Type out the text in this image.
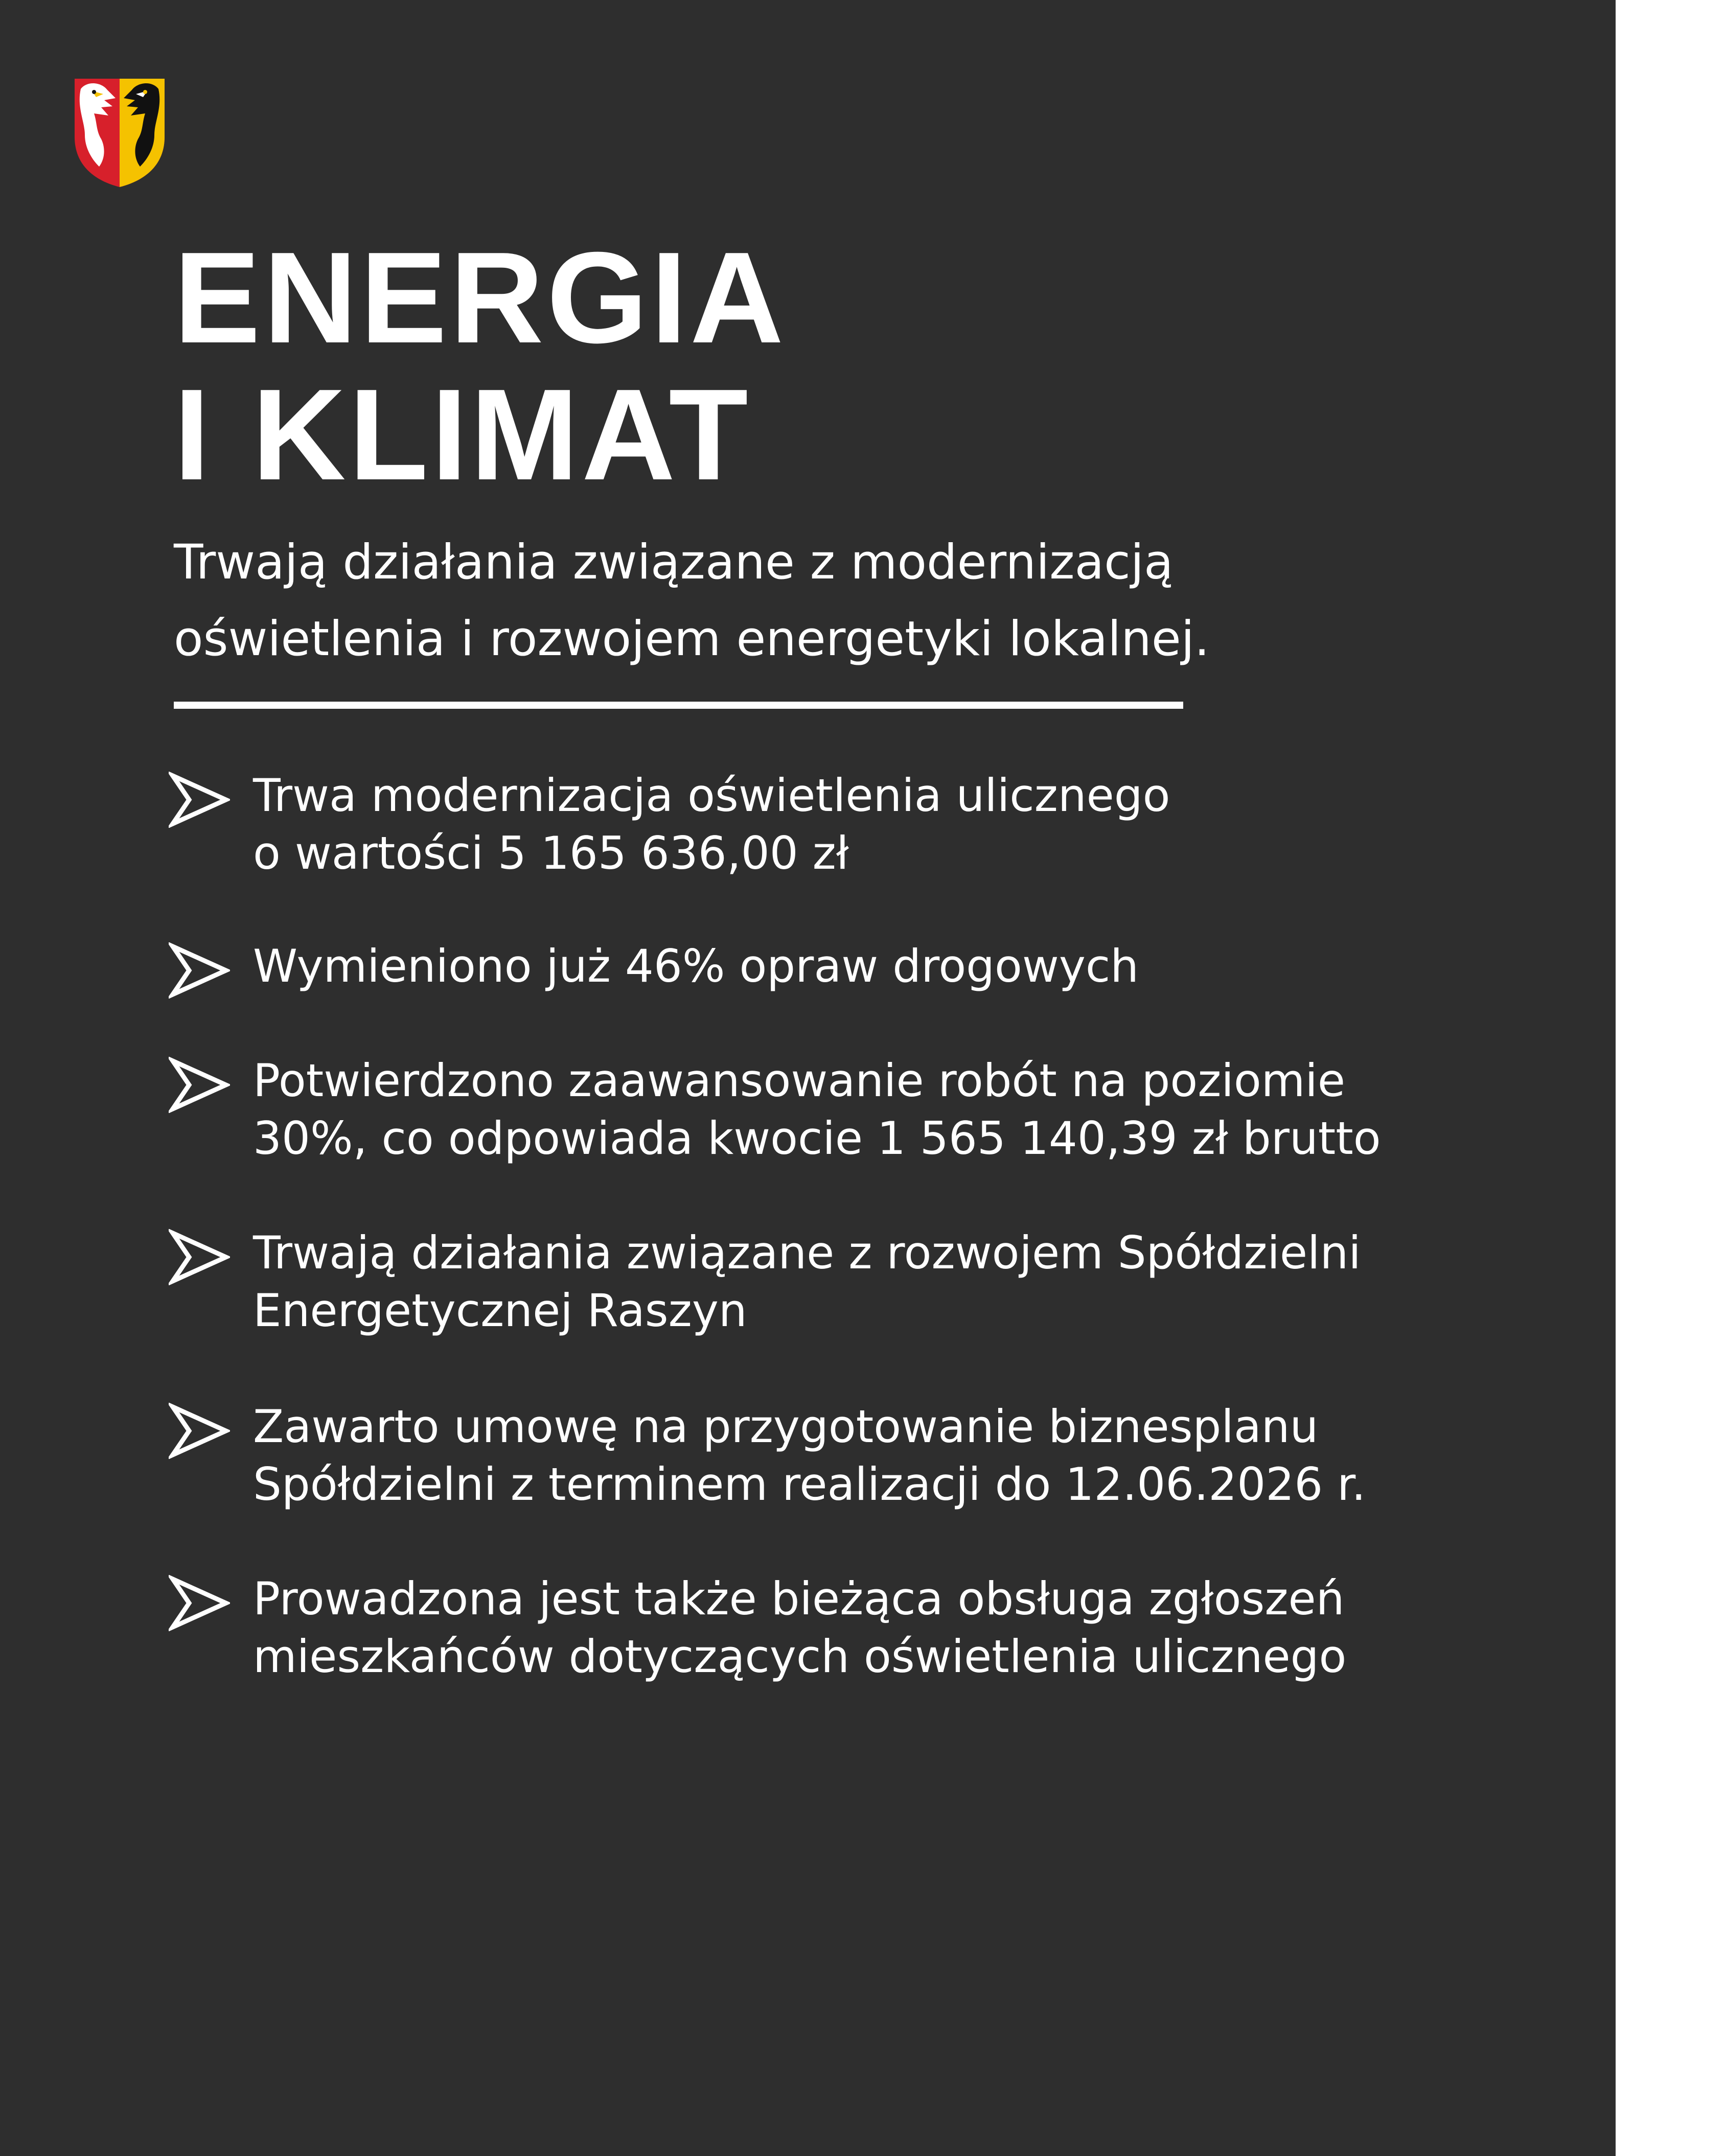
ENERGIA
I KLIMAT

Trwają działania związane z modernizacją
oświetlenia i rozwojem energetyki lokalnej.

Trwa modernizacja oświetlenia ulicznego
o wartości 5 165 636,00 zł
Wymieniono już 46% opraw drogowych
Potwierdzono zaawansowanie robót na poziomie
30%, co odpowiada kwocie 1 565 140,39 zł brutto
Trwają działania związane z rozwojem Spółdzielni
Energetycznej Raszyn
Zawarto umowę na przygotowanie biznesplanu
Spółdzielni z terminem realizacji do 12.06.2026 r.
Prowadzona jest także bieżąca obsługa zgłoszeń
mieszkańców dotyczących oświetlenia ulicznego
